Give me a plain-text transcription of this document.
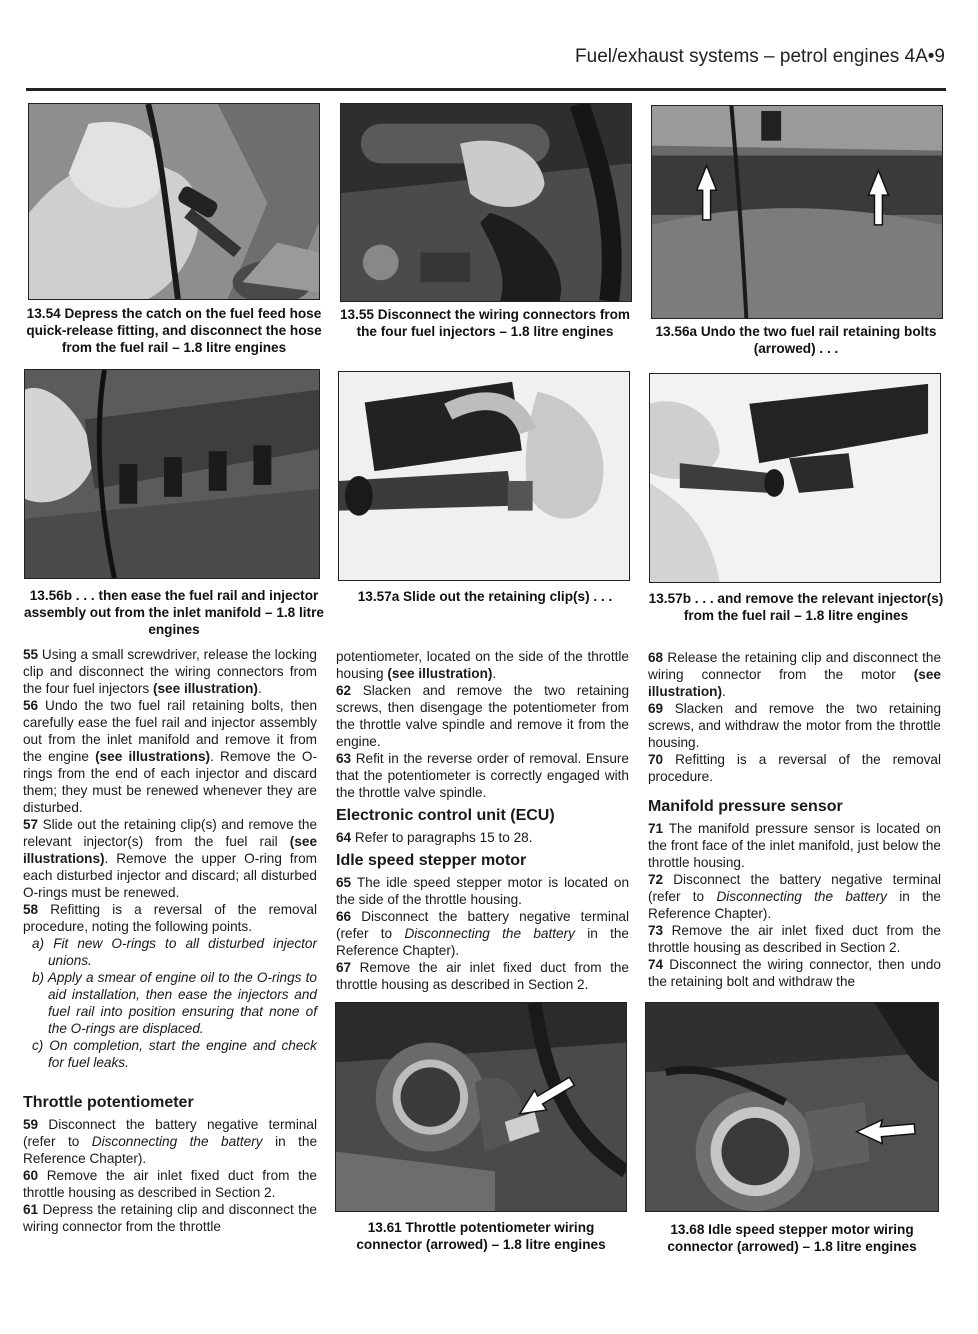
Fuel/exhaust systems – petrol engines 4A•9
13.54 Depress the catch on the fuel feed hose quick-release fitting, and disconnect the hose from the fuel rail – 1.8 litre engines
13.55 Disconnect the wiring connectors from the four fuel injectors – 1.8 litre engines	13.56a Undo the two fuel rail retaining bolts (arrowed) . . .
13.56b . . . then ease the fuel rail and injector assembly out from the inlet manifold – 1.8 litre engines
13.57a Slide out the retaining clip(s) . . .	13.57b . . . and remove the relevant injector(s) from the fuel rail – 1.8 litre engines

55 Using a small screwdriver, release the locking clip and disconnect the wiring connectors from the four fuel injectors (see illustration).

56 Undo the two fuel rail retaining bolts, then carefully ease the fuel rail and injector assembly out from the inlet manifold and remove it from the engine (see illustrations). Remove the O-rings from the end of each injector and discard them; they must be renewed whenever they are disturbed.

57 Slide out the retaining clip(s) and remove the relevant injector(s) from the fuel rail (see illustrations). Remove the upper O-ring from each disturbed injector and discard; all disturbed O-rings must be renewed.

58 Refitting is a reversal of the removal procedure, noting the following points.

a) Fit new O-rings to all disturbed injector unions.

b) Apply a smear of engine oil to the O-rings to aid installation, then ease the injectors and fuel rail into position ensuring that none of the O-rings are displaced.

c) On completion, start the engine and check for fuel leaks.

Throttle potentiometer

59 Disconnect the battery negative terminal (refer to Disconnecting the battery in the Reference Chapter).

60 Remove the air inlet fixed duct from the throttle housing as described in Section 2.

61 Depress the retaining clip and disconnect the wiring connector from the throttle

potentiometer, located on the side of the throttle housing (see illustration).

62 Slacken and remove the two retaining screws, then disengage the potentiometer from the throttle valve spindle and remove it from the engine.

63 Refit in the reverse order of removal. Ensure that the potentiometer is correctly engaged with the throttle valve spindle.

Electronic control unit (ECU)

64 Refer to paragraphs 15 to 28.

Idle speed stepper motor

65 The idle speed stepper motor is located on the side of the throttle housing.

66 Disconnect the battery negative terminal (refer to Disconnecting the battery in the Reference Chapter).

67 Remove the air inlet fixed duct from the throttle housing as described in Section 2.

68 Release the retaining clip and disconnect the wiring connector from the motor (see illustration).

69 Slacken and remove the two retaining screws, and withdraw the motor from the throttle housing.

70 Refitting is a reversal of the removal procedure.

Manifold pressure sensor

71 The manifold pressure sensor is located on the front face of the inlet manifold, just below the throttle housing.

72 Disconnect the battery negative terminal (refer to Disconnecting the battery in the Reference Chapter).

73 Remove the air inlet fixed duct from the throttle housing as described in Section 2.

74 Disconnect the wiring connector, then undo the retaining bolt and withdraw the

13.61 Throttle potentiometer wiring connector (arrowed) – 1.8 litre engines
13.68 Idle speed stepper motor wiring connector (arrowed) – 1.8 litre engines
